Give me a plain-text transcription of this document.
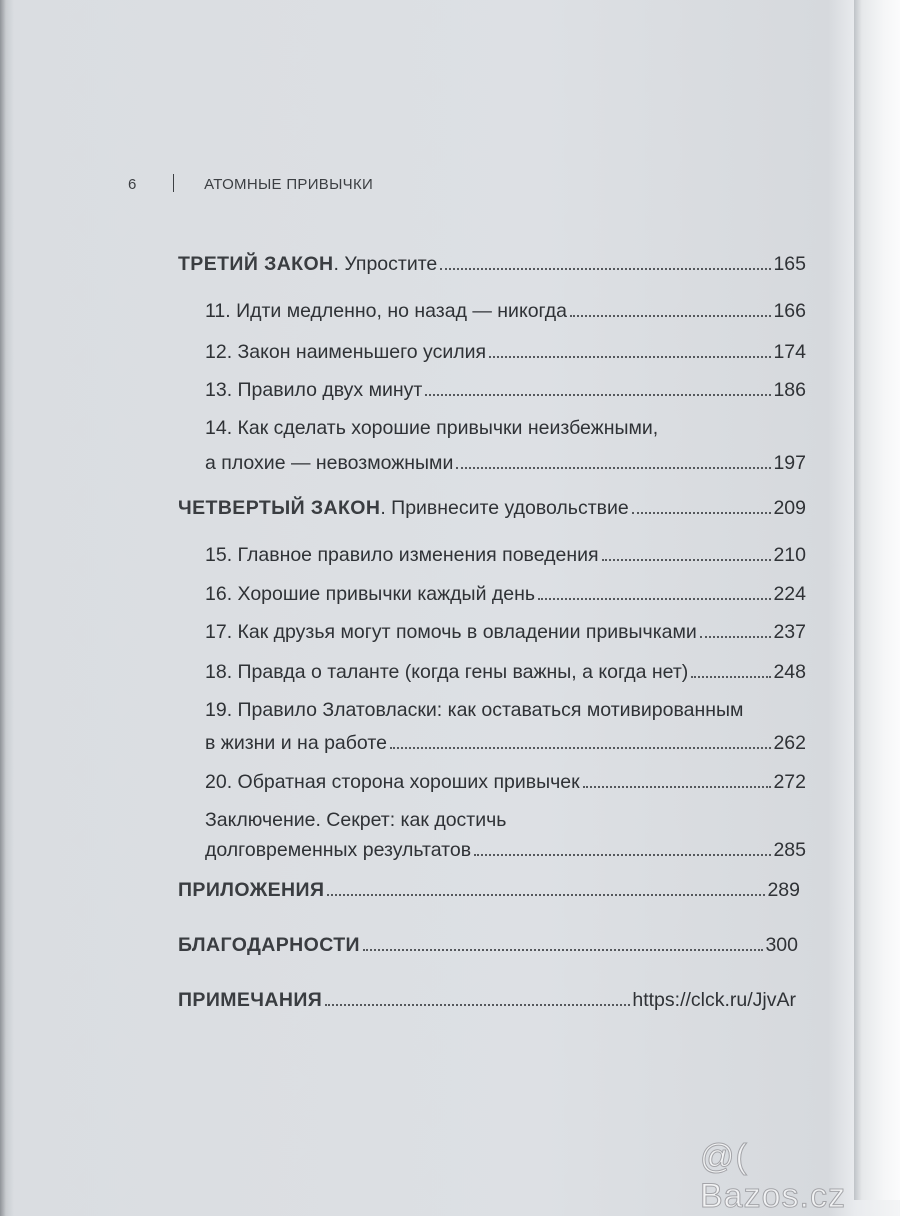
6	АТОМНЫЕ ПРИВЫЧКИ
ТРЕТИЙ ЗАКОН . Упростите	165
11. Идти медленно, но назад — никогда	166
12. Закон наименьшего усилия	174
13. Правило двух минут	186
14. Как сделать хорошие привычки неизбежными,
а плохие — невозможными	197
ЧЕТВЕРТЫЙ ЗАКОН . Привнесите удовольствие	209
15. Главное правило изменения поведения	210
16. Хорошие привычки каждый день	224
17. Как друзья могут помочь в овладении привычками	237
18. Правда о таланте (когда гены важны, а когда нет)	248
19. Правило Златовласки: как оставаться мотивированным
в жизни и на работе	262
20. Обратная сторона хороших привычек	272
Заключение. Секрет: как достичь
долговременных результатов	285
ПРИЛОЖЕНИЯ	289
БЛАГОДАРНОСТИ	300
ПРИМЕЧАНИЯ	https://clck.ru/JjvAr
@( Bazos.cz
